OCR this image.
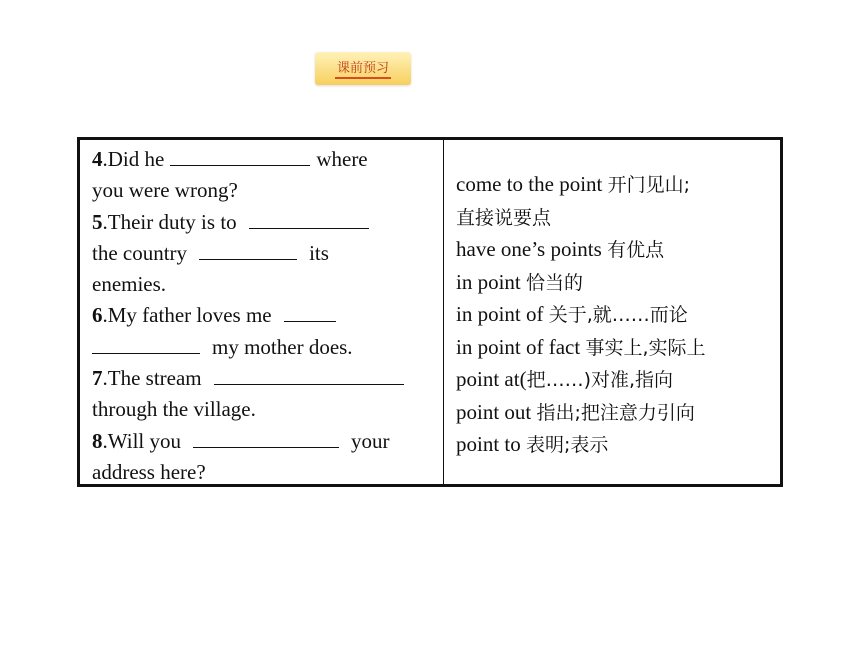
课前预习
4.Did he	where
you were wrong?
5.Their duty is to
the country	its
enemies.
6.My father loves me
my mother does.
7.The stream
through the village.
8.Will you	your
address here?
come to the point 开门见山;
直接说要点
have one’s points 有优点
in point 恰当的
in point of 关于,就……而论
in point of fact 事实上,实际上
point at(把……)对准,指向
point out 指出;把注意力引向
point to 表明;表示
